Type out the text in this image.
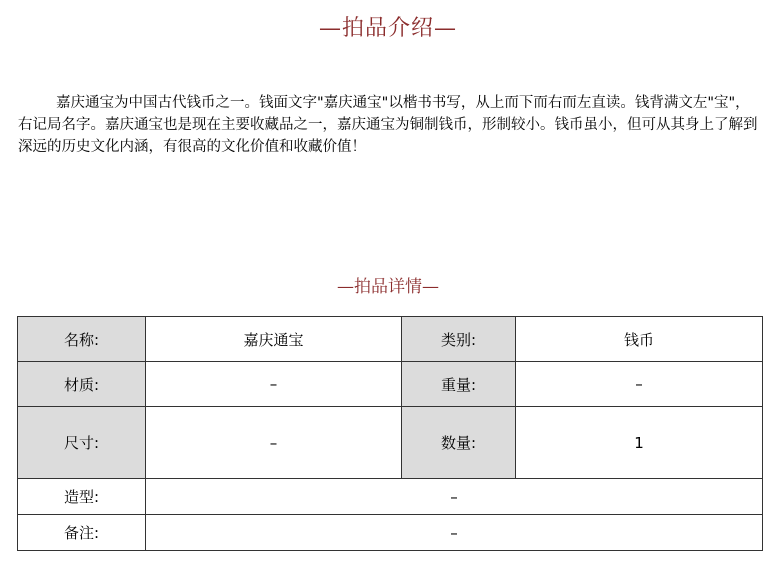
—拍品介绍—

嘉庆通宝为中国古代钱币之一。钱面文字"嘉庆通宝"以楷书书写，从上而下而右而左直读。钱背满文左"宝"，右记局名字。嘉庆通宝也是现在主要收藏品之一，嘉庆通宝为铜制钱币，形制较小。钱币虽小，但可从其身上了解到深远的历史文化内涵，有很高的文化价值和收藏价值！

—拍品详情—
名称:	嘉庆通宝	类别:	钱币
材质:	–	重量:	–
尺寸:	–	数量:	1
造型:	–		
备注:	–		
